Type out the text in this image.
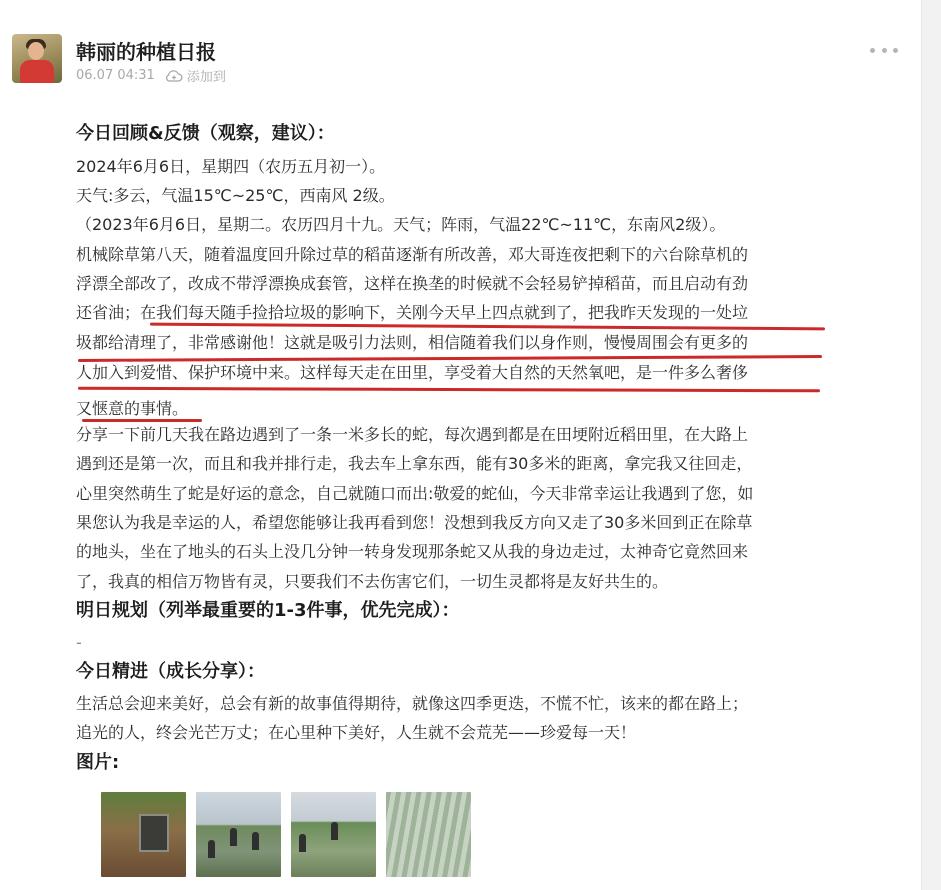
韩丽的种植日报
06.07 04:31 添加到
今日回顾&反馈（观察，建议）：
2024年6月6日，星期四（农历五月初一）。
天气:多云，气温15℃~25℃，西南风 2级。
（2023年6月6日，星期二。农历四月十九。天气；阵雨，气温22℃~11℃，东南风2级）。
机械除草第八天，随着温度回升除过草的稻苗逐渐有所改善，邓大哥连夜把剩下的六台除草机的
浮漂全部改了，改成不带浮漂换成套管，这样在换垄的时候就不会轻易铲掉稻苗，而且启动有劲
还省油；在我们每天随手捡拾垃圾的影响下，关刚今天早上四点就到了，把我昨天发现的一处垃
圾都给清理了，非常感谢他！这就是吸引力法则，相信随着我们以身作则，慢慢周围会有更多的
人加入到爱惜、保护环境中来。这样每天走在田里，享受着大自然的天然氧吧，是一件多么奢侈
又惬意的事情。
分享一下前几天我在路边遇到了一条一米多长的蛇，每次遇到都是在田埂附近稻田里，在大路上
遇到还是第一次，而且和我并排行走，我去车上拿东西，能有30多米的距离，拿完我又往回走，
心里突然萌生了蛇是好运的意念，自己就随口而出:敬爱的蛇仙，今天非常幸运让我遇到了您，如
果您认为我是幸运的人，希望您能够让我再看到您！没想到我反方向又走了30多米回到正在除草
的地头，坐在了地头的石头上没几分钟一转身发现那条蛇又从我的身边走过，太神奇它竟然回来
了，我真的相信万物皆有灵，只要我们不去伤害它们，一切生灵都将是友好共生的。
明日规划（列举最重要的1-3件事，优先完成）：
-
今日精进（成长分享）：
生活总会迎来美好，总会有新的故事值得期待，就像这四季更迭，不慌不忙，该来的都在路上；
追光的人，终会光芒万丈；在心里种下美好，人生就不会荒芜——珍爱每一天！
图片:
